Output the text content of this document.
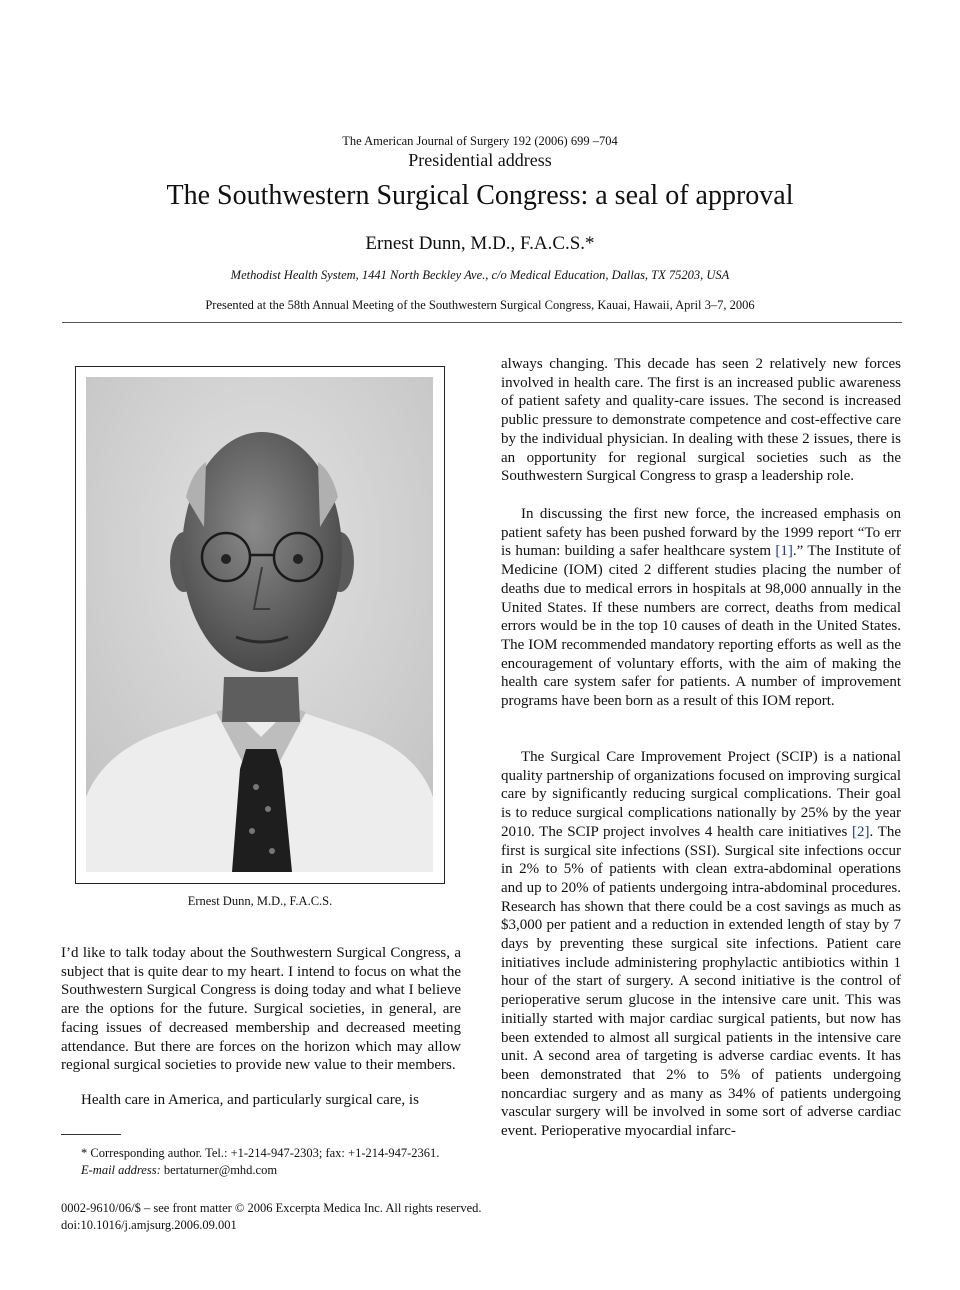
The American Journal of Surgery 192 (2006) 699 –704
Presidential address
The Southwestern Surgical Congress: a seal of approval
Ernest Dunn, M.D., F.A.C.S.*
Methodist Health System, 1441 North Beckley Ave., c/o Medical Education, Dallas, TX 75203, USA
Presented at the 58th Annual Meeting of the Southwestern Surgical Congress, Kauai, Hawaii, April 3–7, 2006
Ernest Dunn, M.D., F.A.C.S.

I’d like to talk today about the Southwestern Surgical Congress, a subject that is quite dear to my heart. I intend to focus on what the Southwestern Surgical Congress is doing today and what I believe are the options for the future. Surgical societies, in general, are facing issues of decreased membership and decreased meeting attendance. But there are forces on the horizon which may allow regional surgical societies to provide new value to their members.

Health care in America, and particularly surgical care, is

always changing. This decade has seen 2 relatively new forces involved in health care. The first is an increased public awareness of patient safety and quality-care issues. The second is increased public pressure to demonstrate competence and cost-effective care by the individual physician. In dealing with these 2 issues, there is an opportunity for regional surgical societies such as the Southwestern Surgical Congress to grasp a leadership role.

In discussing the first new force, the increased emphasis on patient safety has been pushed forward by the 1999 report “To err is human: building a safer healthcare system [1].” The Institute of Medicine (IOM) cited 2 different studies placing the number of deaths due to medical errors in hospitals at 98,000 annually in the United States. If these numbers are correct, deaths from medical errors would be in the top 10 causes of death in the United States. The IOM recommended mandatory reporting efforts as well as the encouragement of voluntary efforts, with the aim of making the health care system safer for patients. A number of improvement programs have been born as a result of this IOM report.

The Surgical Care Improvement Project (SCIP) is a national quality partnership of organizations focused on improving surgical care by significantly reducing surgical complications. Their goal is to reduce surgical complications nationally by 25% by the year 2010. The SCIP project involves 4 health care initiatives [2]. The first is surgical site infections (SSI). Surgical site infections occur in 2% to 5% of patients with clean extra-abdominal operations and up to 20% of patients undergoing intra-abdominal procedures. Research has shown that there could be a cost savings as much as $3,000 per patient and a reduction in extended length of stay by 7 days by preventing these surgical site infections. Patient care initiatives include administering prophylactic antibiotics within 1 hour of the start of surgery. A second initiative is the control of perioperative serum glucose in the intensive care unit. This was initially started with major cardiac surgical patients, but now has been extended to almost all surgical patients in the intensive care unit. A second area of targeting is adverse cardiac events. It has been demonstrated that 2% to 5% of patients undergoing noncardiac surgery and as many as 34% of patients undergoing vascular surgery will be involved in some sort of adverse cardiac event. Perioperative myocardial infarc-

* Corresponding author. Tel.: +1-214-947-2303; fax: +1-214-947-2361.
E-mail address: bertaturner@mhd.com
0002-9610/06/$ – see front matter © 2006 Excerpta Medica Inc. All rights reserved.
doi:10.1016/j.amjsurg.2006.09.001
